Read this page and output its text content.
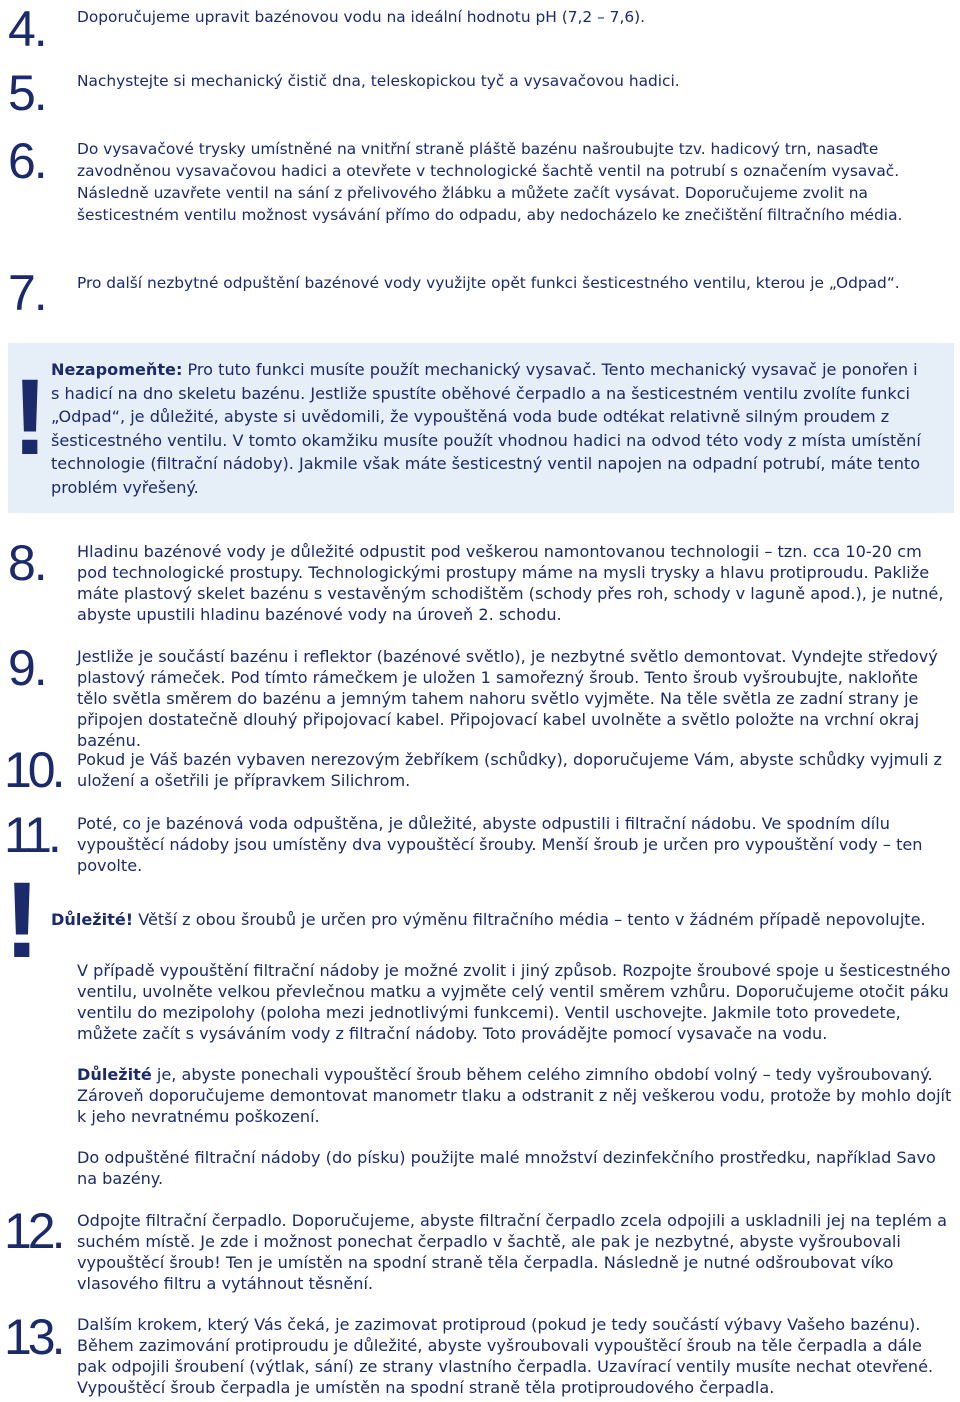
4. Doporučujeme upravit bazénovou vodu na ideální hodnotu pH (7,2 – 7,6).
5. Nachystejte si mechanický čistič dna, teleskopickou tyč a vysavačovou hadici.
6. Do vysavačové trysky umístněné na vnitřní straně pláště bazénu našroubujte tzv. hadicový trn, nasaďte zavodněnou vysavačovou hadici a otevřete v technologické šachtě ventil na potrubí s označením vysavač. Následně uzavřete ventil na sání z přelivového žlábku a můžete začít vysávat. Doporučujeme zvolit na šesticestném ventilu možnost vysávání přímo do odpadu, aby nedocházelo ke znečištění filtračního média.
7. Pro další nezbytné odpuštění bazénové vody využijte opět funkci šesticestného ventilu, kterou je „Odpad“.
! Nezapomeňte: Pro tuto funkci musíte použít mechanický vysavač. Tento mechanický vysavač je ponořen i s hadicí na dno skeletu bazénu. Jestliže spustíte oběhové čerpadlo a na šesticestném ventilu zvolíte funkci „Odpad“, je důležité, abyste si uvědomili, že vypouštěná voda bude odtékat relativně silným proudem z šesticestného ventilu. V tomto okamžiku musíte použít vhodnou hadici na odvod této vody z místa umístění technologie (filtrační nádoby). Jakmile však máte šesticestný ventil napojen na odpadní potrubí, máte tento problém vyřešený.
8. Hladinu bazénové vody je důležité odpustit pod veškerou namontovanou technologii – tzn. cca 10-20 cm pod technologické prostupy. Technologickými prostupy máme na mysli trysky a hlavu protiproudu. Pakliže máte plastový skelet bazénu s vestavěným schodištěm (schody přes roh, schody v laguně apod.), je nutné, abyste upustili hladinu bazénové vody na úroveň 2. schodu.
9. Jestliže je součástí bazénu i reflektor (bazénové světlo), je nezbytné světlo demontovat. Vyndejte středový plastový rámeček. Pod tímto rámečkem je uložen 1 samořezný šroub. Tento šroub vyšroubujte, nakloňte tělo světla směrem do bazénu a jemným tahem nahoru světlo vyjměte. Na těle světla ze zadní strany je připojen dostatečně dlouhý připojovací kabel. Připojovací kabel uvolněte a světlo položte na vrchní okraj bazénu.
10. Pokud je Váš bazén vybaven nerezovým žebříkem (schůdky), doporučujeme Vám, abyste schůdky vyjmuli z uložení a ošetřili je přípravkem Silichrom.
11. Poté, co je bazénová voda odpuštěna, je důležité, abyste odpustili i filtrační nádobu. Ve spodním dílu vypouštěcí nádoby jsou umístěny dva vypouštěcí šrouby. Menší šroub je určen pro vypouštění vody – ten povolte.
! Důležité! Větší z obou šroubů je určen pro výměnu filtračního média – tento v žádném případě nepovolujte.
V případě vypouštění filtrační nádoby je možné zvolit i jiný způsob. Rozpojte šroubové spoje u šesticestného ventilu, uvolněte velkou převlečnou matku a vyjměte celý ventil směrem vzhůru. Doporučujeme otočit páku ventilu do mezipolohy (poloha mezi jednotlivými funkcemi). Ventil uschovejte. Jakmile toto provedete, můžete začít s vysáváním vody z filtrační nádoby. Toto provádějte pomocí vysavače na vodu.
Důležité je, abyste ponechali vypouštěcí šroub během celého zimního období volný – tedy vyšroubovaný. Zároveň doporučujeme demontovat manometr tlaku a odstranit z něj veškerou vodu, protože by mohlo dojít k jeho nevratnému poškození.
Do odpuštěné filtrační nádoby (do písku) použijte malé množství dezinfekčního prostředku, například Savo na bazény.
12. Odpojte filtrační čerpadlo. Doporučujeme, abyste filtrační čerpadlo zcela odpojili a uskladnili jej na teplém a suchém místě. Je zde i možnost ponechat čerpadlo v šachtě, ale pak je nezbytné, abyste vyšroubovali vypouštěcí šroub! Ten je umístěn na spodní straně těla čerpadla. Následně je nutné odšroubovat víko vlasového filtru a vytáhnout těsnění.
13. Dalším krokem, který Vás čeká, je zazimovat protiproud (pokud je tedy součástí výbavy Vašeho bazénu). Během zazimování protiproudu je důležité, abyste vyšroubovali vypouštěcí šroub na těle čerpadla a dále pak odpojili šroubení (výtlak, sání) ze strany vlastního čerpadla. Uzavírací ventily musíte nechat otevřené. Vypouštěcí šroub čerpadla je umístěn na spodní straně těla protiproudového čerpadla.
